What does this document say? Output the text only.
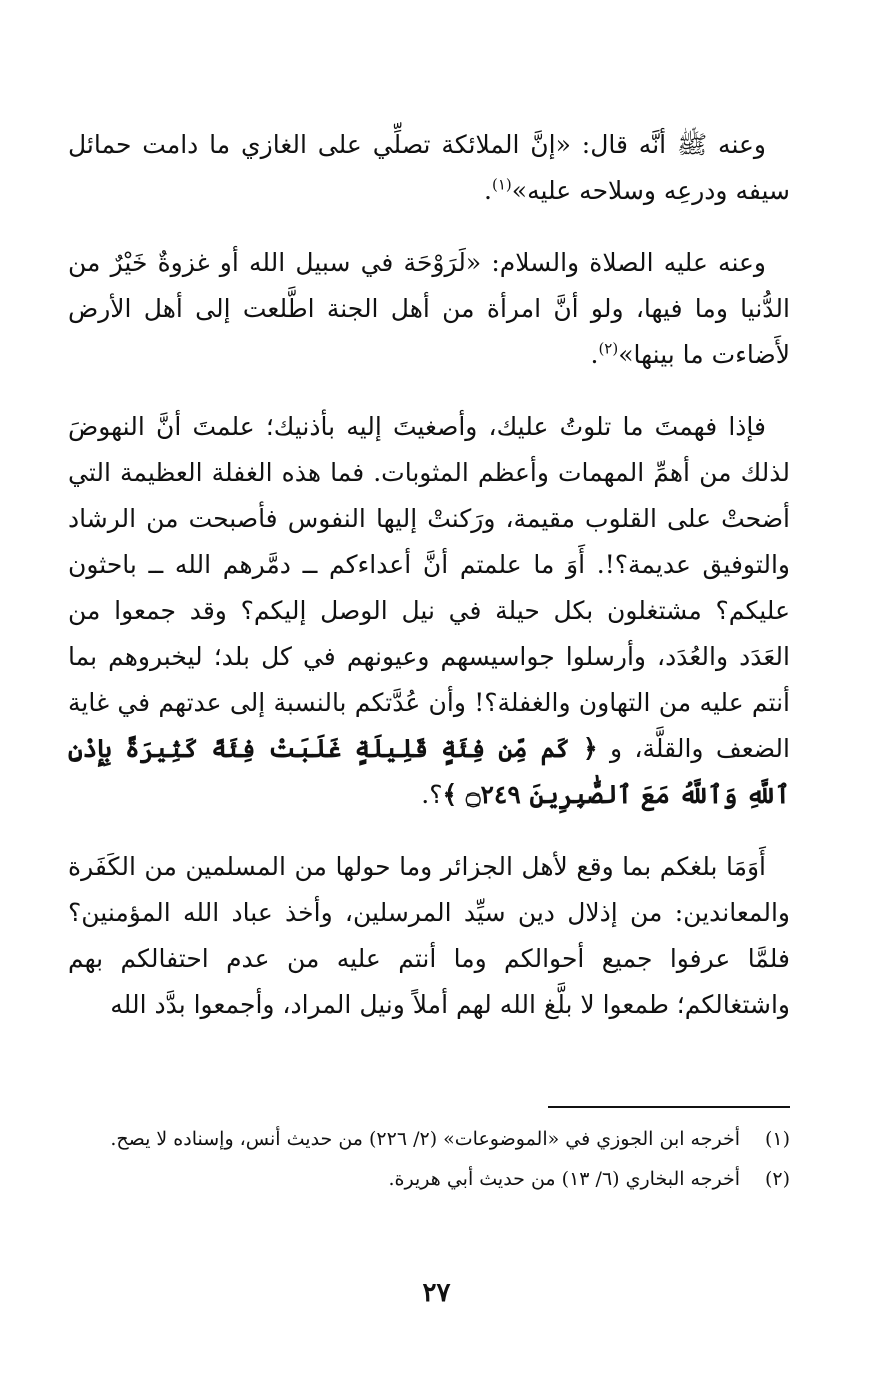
وعنه ﷺ أنَّه قال: «إنَّ الملائكة تصلِّي على الغازي ما دامت حمائل سيفه ودرعِه وسلاحه عليه»$^{(١)}$.

وعنه عليه الصلاة والسلام: «لَرَوْحَة في سبيل الله أو غزوةٌ خَيْرٌ من الدُّنيا وما فيها، ولو أنَّ امرأة من أهل الجنة اطَّلعت إلى أهل الأرض لأَضاءت ما بينها»$^{(٢)}$.

فإذا فهمتَ ما تلوتُ عليك، وأصغيتَ إليه بأذنيك؛ علمتَ أنَّ النهوضَ لذلك من أهمِّ المهمات وأعظم المثوبات. فما هذه الغفلة العظيمة التي أضحتْ على القلوب مقيمة، ورَكنتْ إليها النفوس فأصبحت من الرشاد والتوفيق عديمة؟!. أَوَ ما علمتم أنَّ أعداءكم ــ دمَّرهم الله ــ باحثون عليكم؟ مشتغلون بكل حيلة في نيل الوصل إليكم؟ وقد جمعوا من العَدَد والعُدَد، وأرسلوا جواسيسهم وعيونهم في كل بلد؛ ليخبروهم بما أنتم عليه من التهاون والغفلة؟! وأن عُدَّتكم بالنسبة إلى عدتهم في غاية الضعف والقلَّة، و ﴿ كَم مِّن فِئَةٍ قَلِيلَةٍ غَلَبَتْ فِئَةً كَثِيرَةً بِإِذْنِ ٱللَّهِ وَٱللَّهُ مَعَ ٱلصَّٰبِرِينَ ۝٢٤٩ ﴾؟.

أَوَمَا بلغكم بما وقع لأهل الجزائر وما حولها من المسلمين من الكَفَرة والمعاندين: من إذلال دين سيِّد المرسلين، وأخذ عباد الله المؤمنين؟ فلمَّا عرفوا جميع أحوالكم وما أنتم عليه من عدم احتفالكم بهم واشتغالكم؛ طمعوا لا بلَّغ الله لهم أملاً ونيل المراد، وأجمعوا بدَّد الله

(١)
أخرجه ابن الجوزي في «الموضوعات» (٢/ ٢٢٦) من حديث أنس، وإسناده لا يصح.

(٢)
أخرجه البخاري (٦/ ١٣) من حديث أبي هريرة.

٢٧
